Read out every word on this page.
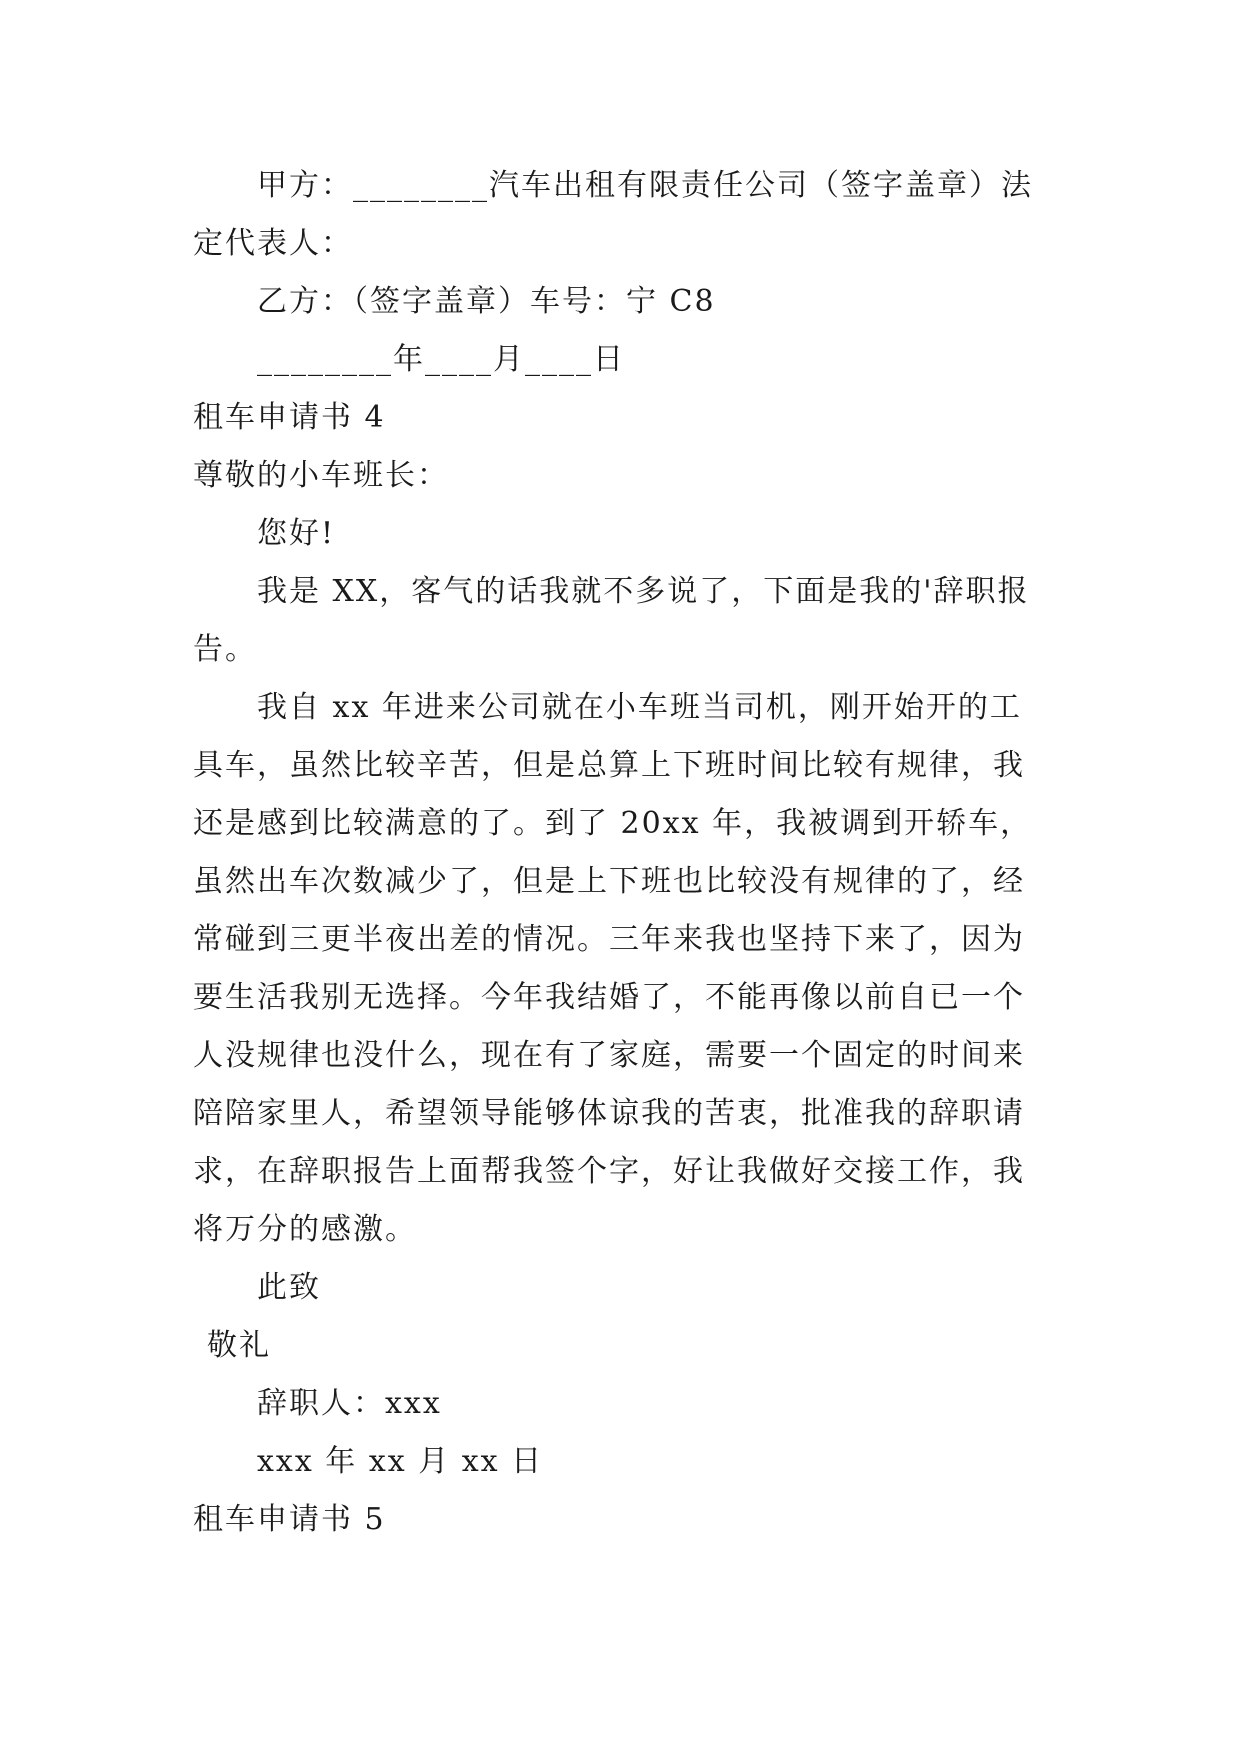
甲方：________汽车出租有限责任公司（签字盖章）法
定代表人：
乙方：（签字盖章）车号：宁 C8
________年____月____日
租车申请书 4
尊敬的小车班长：
您好!
我是 XX，客气的话我就不多说了，下面是我的'辞职报
告。
我自 xx 年进来公司就在小车班当司机，刚开始开的工
具车，虽然比较辛苦，但是总算上下班时间比较有规律，我
还是感到比较满意的了。到了 20xx 年，我被调到开轿车，
虽然出车次数减少了，但是上下班也比较没有规律的了，经
常碰到三更半夜出差的情况。三年来我也坚持下来了，因为
要生活我别无选择。今年我结婚了，不能再像以前自已一个
人没规律也没什么，现在有了家庭，需要一个固定的时间来
陪陪家里人，希望领导能够体谅我的苦衷，批准我的辞职请
求，在辞职报告上面帮我签个字，好让我做好交接工作，我
将万分的感激。
此致
敬礼
辞职人：xxx
xxx 年 xx 月 xx 日
租车申请书 5
